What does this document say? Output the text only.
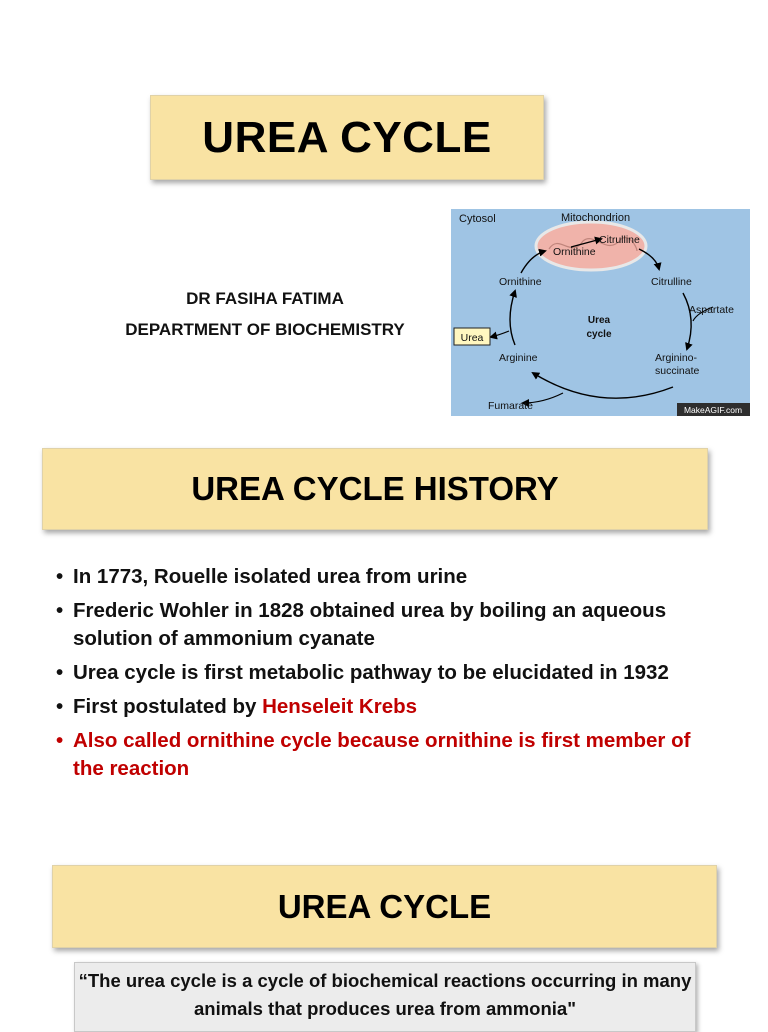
UREA CYCLE
DR FASIHA FATIMA
DEPARTMENT OF BIOCHEMISTRY
Cytosol	Mitochondrion
Citrulline
Ornithine
Ornithine	Citrulline
Aspartate
Urea
cycle
Urea
Arginine	Arginino-
succinate
Fumarate	MakeAGIF.com
UREA CYCLE HISTORY
• In 1773, Rouelle isolated urea from urine
• Frederic Wohler in 1828 obtained urea by boiling an aqueous solution of ammonium cyanate
• Urea cycle is first metabolic pathway to be elucidated in 1932
• First postulated by Henseleit Krebs
• Also called ornithine cycle because ornithine is first member of the reaction
UREA CYCLE
“The urea cycle is a cycle of biochemical reactions occurring in many animals that produces urea from ammonia"
